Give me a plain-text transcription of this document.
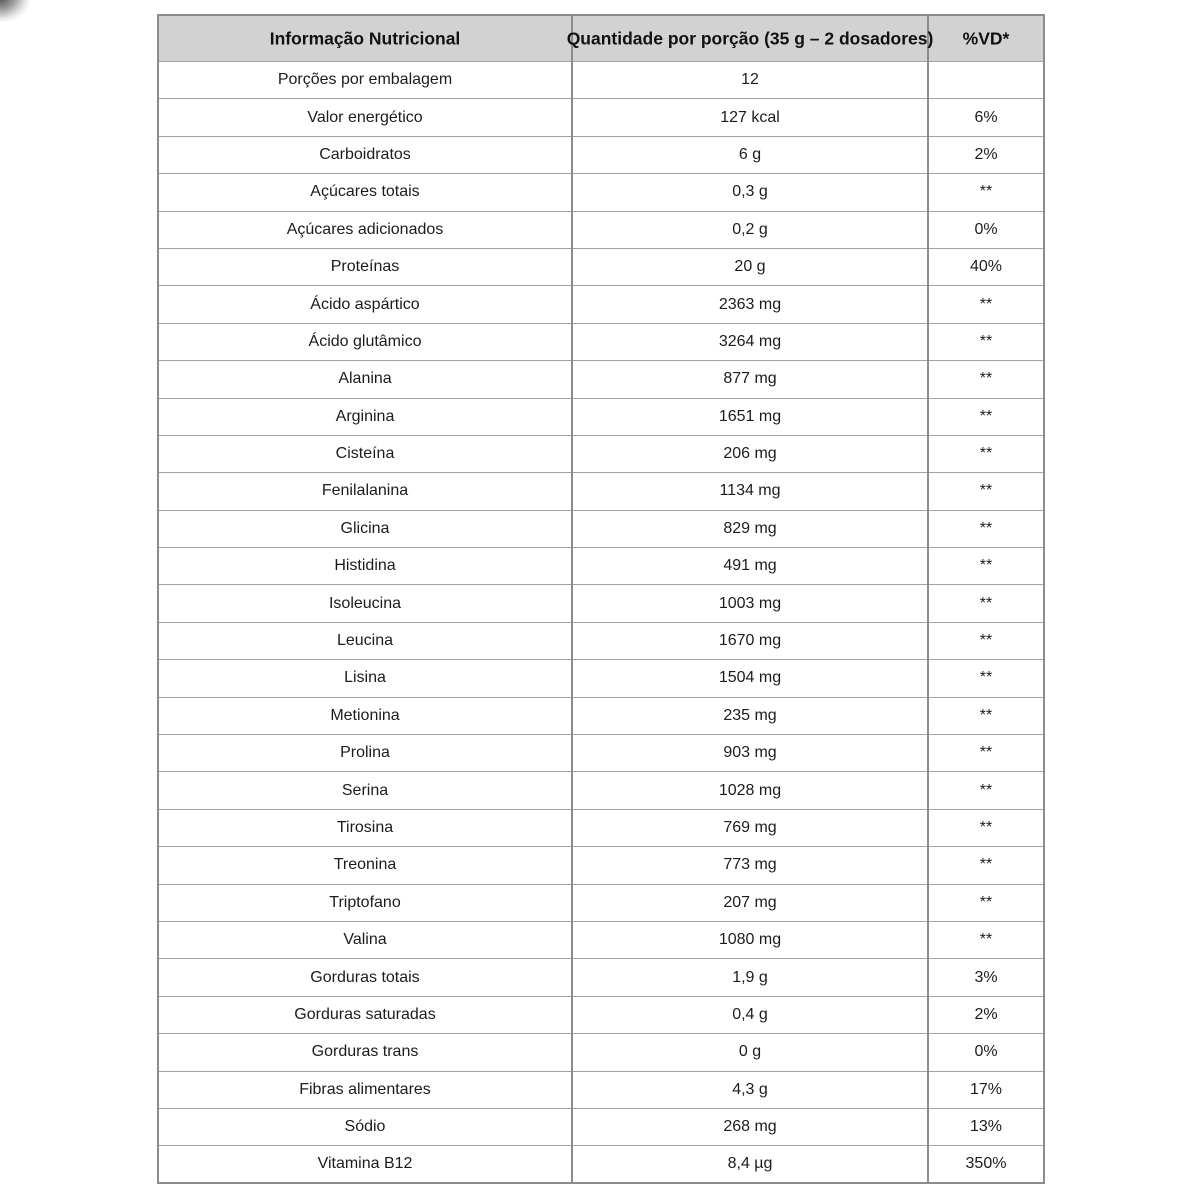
Informação Nutricional	Quantidade por porção (35 g – 2 dosadores)	%VD*

Porções por embalagem	12	
Valor energético	127 kcal	6%
Carboidratos	6 g	2%
Açúcares totais	0,3 g	**
Açúcares adicionados	0,2 g	0%
Proteínas	20 g	40%
Ácido aspártico	2363 mg	**
Ácido glutâmico	3264 mg	**
Alanina	877 mg	**
Arginina	1651 mg	**
Cisteína	206 mg	**
Fenilalanina	1134 mg	**
Glicina	829 mg	**
Histidina	491 mg	**
Isoleucina	1003 mg	**
Leucina	1670 mg	**
Lisina	1504 mg	**
Metionina	235 mg	**
Prolina	903 mg	**
Serina	1028 mg	**
Tirosina	769 mg	**
Treonina	773 mg	**
Triptofano	207 mg	**
Valina	1080 mg	**
Gorduras totais	1,9 g	3%
Gorduras saturadas	0,4 g	2%
Gorduras trans	0 g	0%
Fibras alimentares	4,3 g	17%
Sódio	268 mg	13%
Vitamina B12	8,4 µg	350%
